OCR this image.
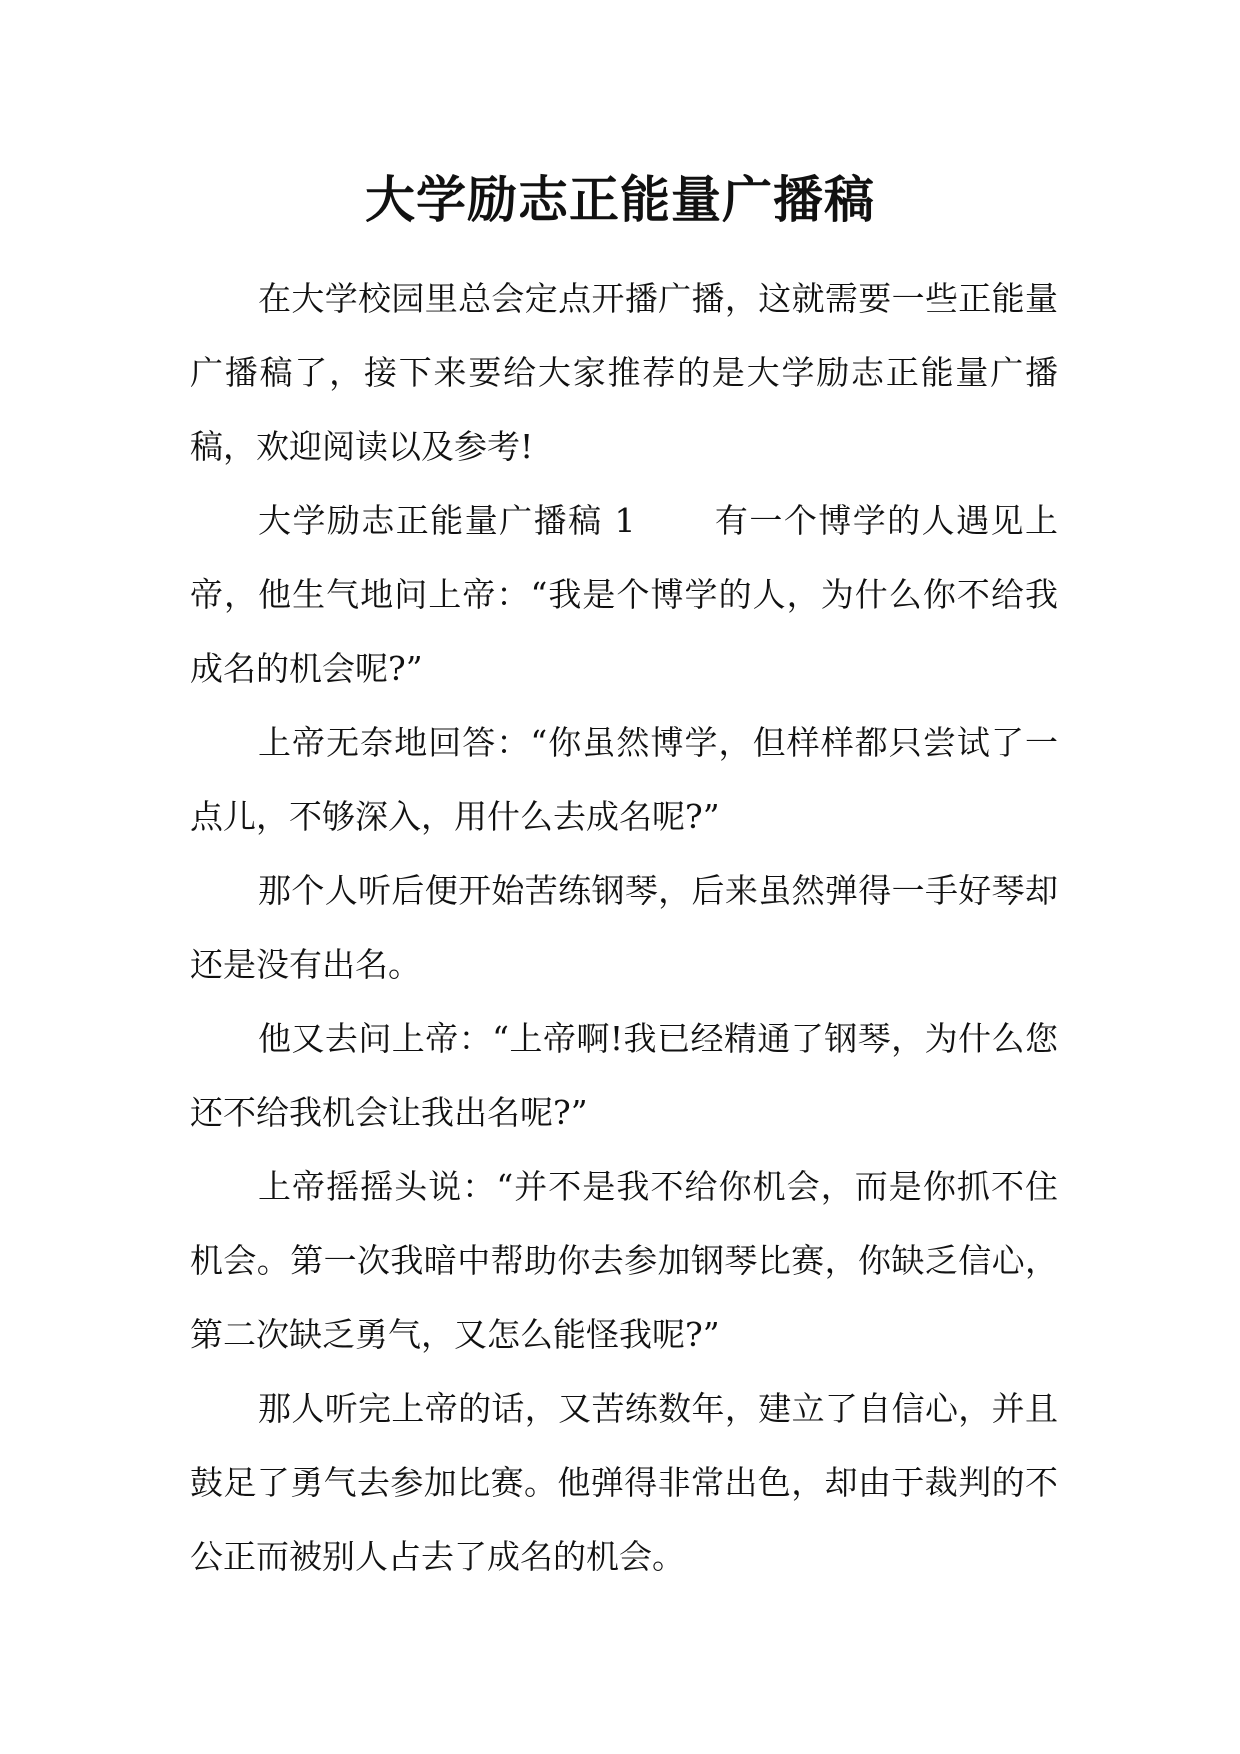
大学励志正能量广播稿

在大学校园里总会定点开播广播，这就需要一些正能量广播稿了，接下来要给大家推荐的是大学励志正能量广播稿，欢迎阅读以及参考!

大学励志正能量广播稿 1 有一个博学的人遇见上帝，他生气地问上帝：“我是个博学的人，为什么你不给我成名的机会呢?”

上帝无奈地回答：“你虽然博学，但样样都只尝试了一点儿，不够深入，用什么去成名呢?”

那个人听后便开始苦练钢琴，后来虽然弹得一手好琴却还是没有出名。

他又去问上帝：“上帝啊!我已经精通了钢琴，为什么您还不给我机会让我出名呢?”

上帝摇摇头说：“并不是我不给你机会，而是你抓不住机会。第一次我暗中帮助你去参加钢琴比赛，你缺乏信心，第二次缺乏勇气，又怎么能怪我呢?”

那人听完上帝的话，又苦练数年，建立了自信心，并且鼓足了勇气去参加比赛。他弹得非常出色，却由于裁判的不公正而被别人占去了成名的机会。
